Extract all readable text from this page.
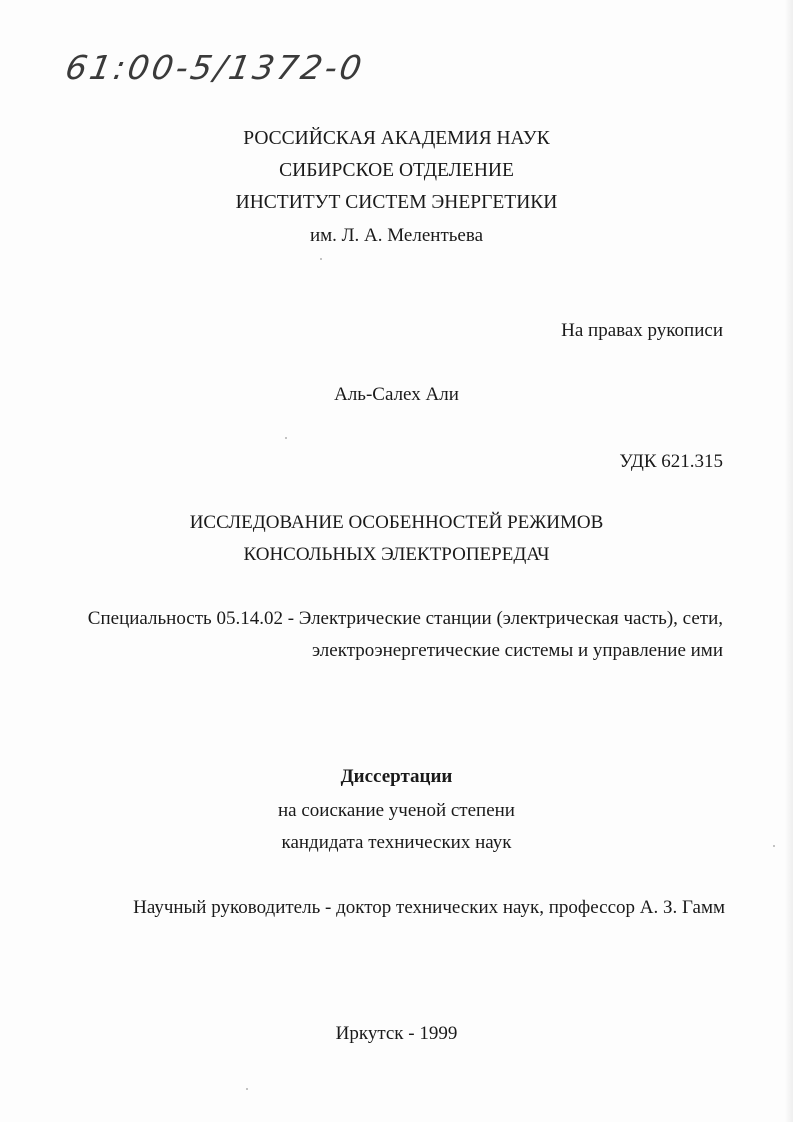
61:00-5/1372-0
РОССИЙСКАЯ АКАДЕМИЯ НАУК
СИБИРСКОЕ ОТДЕЛЕНИЕ
ИНСТИТУТ СИСТЕМ ЭНЕРГЕТИКИ
им. Л. А. Мелентьева
На правах рукописи
Аль-Салех Али
УДК 621.315
ИССЛЕДОВАНИЕ ОСОБЕННОСТЕЙ РЕЖИМОВ
КОНСОЛЬНЫХ ЭЛЕКТРОПЕРЕДАЧ
Специальность 05.14.02 - Электрические станции (электрическая часть), сети,
электроэнергетические системы и управление ими
Диссертации
на соискание ученой степени
кандидата технических наук
Научный руководитель - доктор технических наук, профессор А. З. Гамм
Иркутск - 1999
